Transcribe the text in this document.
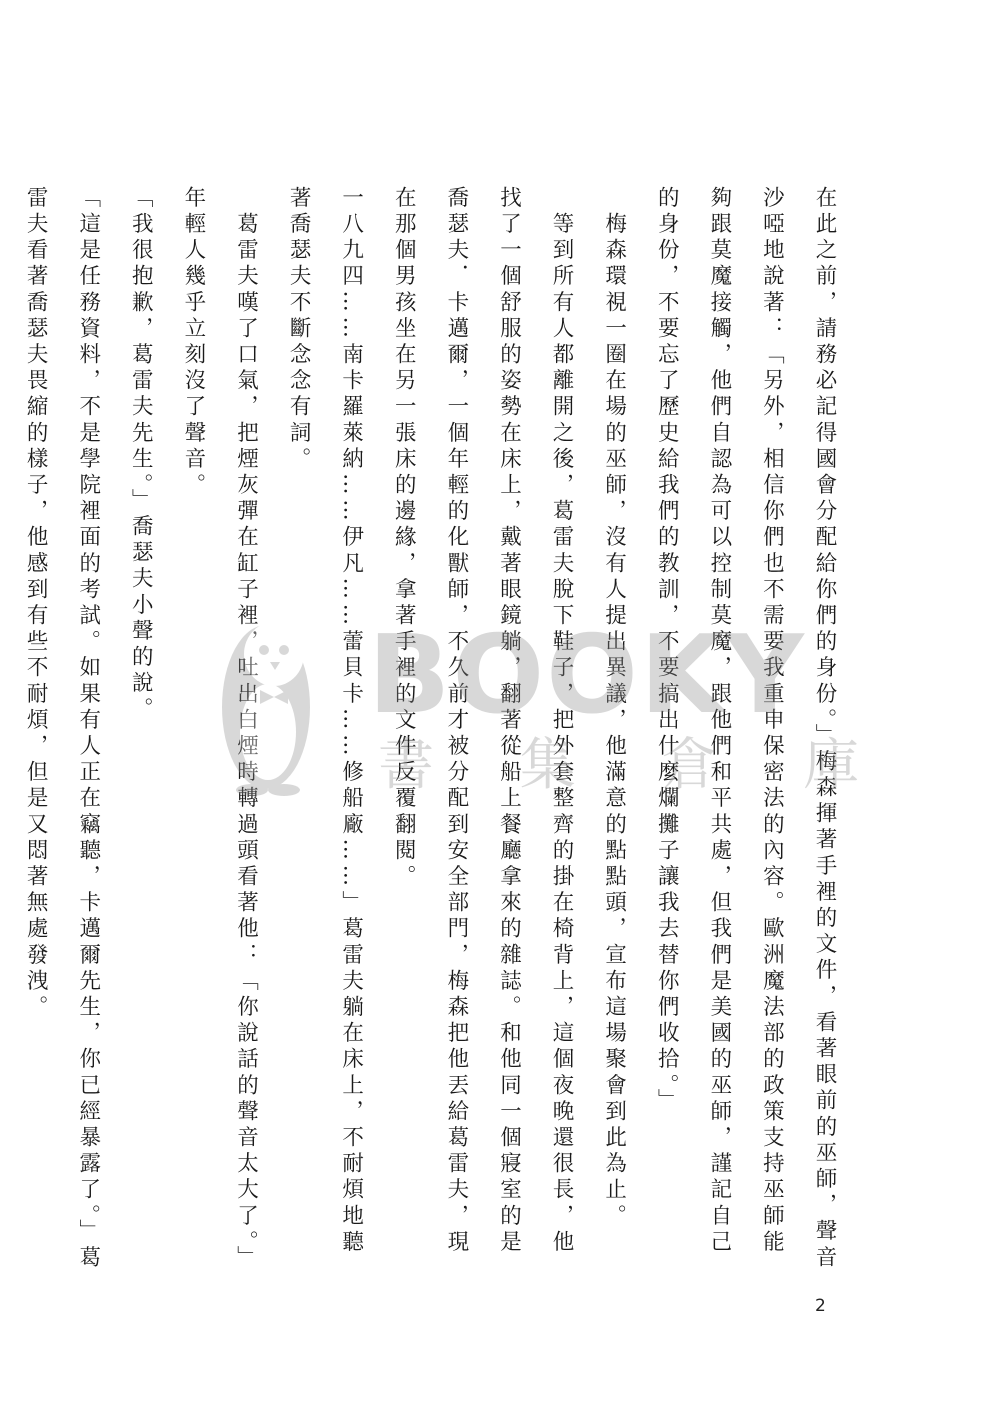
在此之前，請務必記得國會分配給你們的身份。」梅森揮著手裡的文件，看著眼前的巫師，聲音沙啞地說著：「另外，相信你們也不需要我重申保密法的內容。歐洲魔法部的政策支持巫師能夠跟莫魔接觸，他們自認為可以控制莫魔，跟他們和平共處，但我們是美國的巫師，謹記自己的身份，不要忘了歷史給我們的教訓，不要搞出什麼爛攤子讓我去替你們收拾。」

　梅森環視一圈在場的巫師，沒有人提出異議，他滿意的點點頭，宣布這場聚會到此為止。

　等到所有人都離開之後，葛雷夫脫下鞋子，把外套整齊的掛在椅背上，這個夜晚還很長，他找了一個舒服的姿勢在床上，戴著眼鏡躺，翻著從船上餐廳拿來的雜誌。和他同一個寢室的是喬瑟夫．卡邁爾，一個年輕的化獸師，不久前才被分配到安全部門，梅森把他丟給葛雷夫，現在那個男孩坐在另一張床的邊緣，拿著手裡的文件反覆翻閱。

一八九四……南卡羅萊納……伊凡……蕾貝卡……修船廠……」葛雷夫躺在床上，不耐煩地聽著喬瑟夫不斷念念有詞。

　葛雷夫嘆了口氣，把煙灰彈在缸子裡，吐出白煙時轉過頭看著他：「你說話的聲音太大了。」年輕人幾乎立刻沒了聲音。

「我很抱歉，葛雷夫先生。」喬瑟夫小聲的說。

「這是任務資料，不是學院裡面的考試。如果有人正在竊聽，卡邁爾先生，你已經暴露了。」葛雷夫看著喬瑟夫畏縮的樣子，他感到有些不耐煩，但是又悶著無處發洩。	BOOKY
書 集 倉 庫
2
